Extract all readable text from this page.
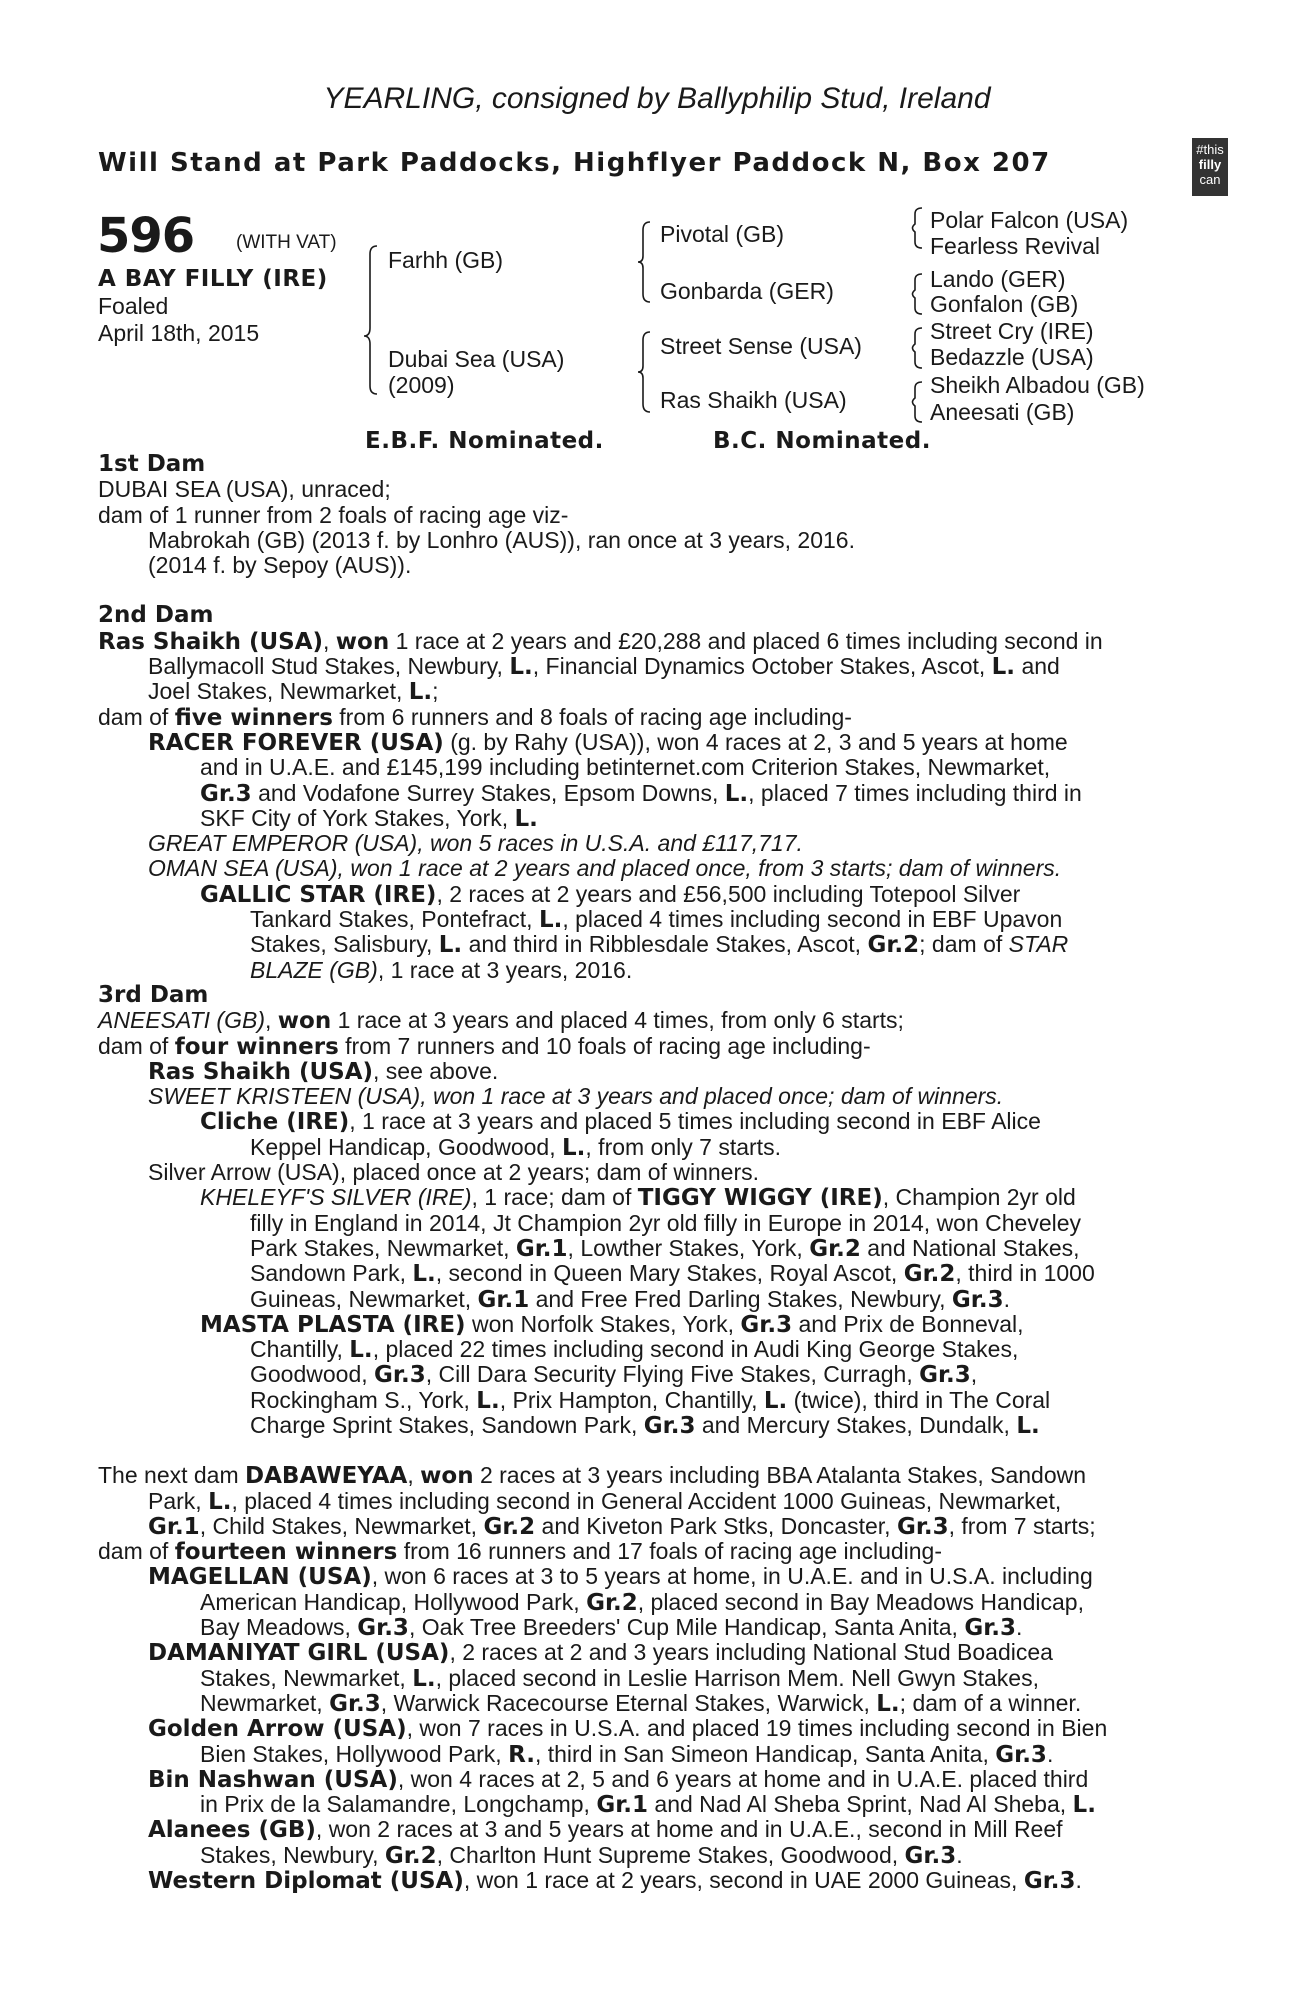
YEARLING, consigned by Ballyphilip Stud, Ireland
Will Stand at Park Paddocks, Highflyer Paddock N, Box 207	#this
filly
can
596 (WITH VAT)
A BAY FILLY (IRE)
Foaled
April 18th, 2015
Farhh (GB)
Dubai Sea (USA)
(2009)
Pivotal (GB)
Gonbarda (GER)
Street Sense (USA)
Ras Shaikh (USA)
Polar Falcon (USA)
Fearless Revival
Lando (GER)
Gonfalon (GB)
Street Cry (IRE)
Bedazzle (USA)
Sheikh Albadou (GB)
Aneesati (GB)
E.B.F. Nominated.	B.C. Nominated.
1st Dam
DUBAI SEA (USA), unraced;
dam of 1 runner from 2 foals of racing age viz-
Mabrokah (GB) (2013 f. by Lonhro (AUS)), ran once at 3 years, 2016.
(2014 f. by Sepoy (AUS)).
2nd Dam
Ras Shaikh (USA), won 1 race at 2 years and £20,288 and placed 6 times including second in
Ballymacoll Stud Stakes, Newbury, L., Financial Dynamics October Stakes, Ascot, L. and
Joel Stakes, Newmarket, L.;
dam of five winners from 6 runners and 8 foals of racing age including-
RACER FOREVER (USA) (g. by Rahy (USA)), won 4 races at 2, 3 and 5 years at home
and in U.A.E. and £145,199 including betinternet.com Criterion Stakes, Newmarket,
Gr.3 and Vodafone Surrey Stakes, Epsom Downs, L., placed 7 times including third in
SKF City of York Stakes, York, L.
GREAT EMPEROR (USA), won 5 races in U.S.A. and £117,717.
OMAN SEA (USA), won 1 race at 2 years and placed once, from 3 starts; dam of winners.
GALLIC STAR (IRE), 2 races at 2 years and £56,500 including Totepool Silver
Tankard Stakes, Pontefract, L., placed 4 times including second in EBF Upavon
Stakes, Salisbury, L. and third in Ribblesdale Stakes, Ascot, Gr.2; dam of STAR
BLAZE (GB), 1 race at 3 years, 2016.
3rd Dam
ANEESATI (GB), won 1 race at 3 years and placed 4 times, from only 6 starts;
dam of four winners from 7 runners and 10 foals of racing age including-
Ras Shaikh (USA), see above.
SWEET KRISTEEN (USA), won 1 race at 3 years and placed once; dam of winners.
Cliche (IRE), 1 race at 3 years and placed 5 times including second in EBF Alice
Keppel Handicap, Goodwood, L., from only 7 starts.
Silver Arrow (USA), placed once at 2 years; dam of winners.
KHELEYF'S SILVER (IRE), 1 race; dam of TIGGY WIGGY (IRE), Champion 2yr old
filly in England in 2014, Jt Champion 2yr old filly in Europe in 2014, won Cheveley
Park Stakes, Newmarket, Gr.1, Lowther Stakes, York, Gr.2 and National Stakes,
Sandown Park, L., second in Queen Mary Stakes, Royal Ascot, Gr.2, third in 1000
Guineas, Newmarket, Gr.1 and Free Fred Darling Stakes, Newbury, Gr.3.
MASTA PLASTA (IRE) won Norfolk Stakes, York, Gr.3 and Prix de Bonneval,
Chantilly, L., placed 22 times including second in Audi King George Stakes,
Goodwood, Gr.3, Cill Dara Security Flying Five Stakes, Curragh, Gr.3,
Rockingham S., York, L., Prix Hampton, Chantilly, L. (twice), third in The Coral
Charge Sprint Stakes, Sandown Park, Gr.3 and Mercury Stakes, Dundalk, L.
The next dam DABAWEYAA, won 2 races at 3 years including BBA Atalanta Stakes, Sandown
Park, L., placed 4 times including second in General Accident 1000 Guineas, Newmarket,
Gr.1, Child Stakes, Newmarket, Gr.2 and Kiveton Park Stks, Doncaster, Gr.3, from 7 starts;
dam of fourteen winners from 16 runners and 17 foals of racing age including-
MAGELLAN (USA), won 6 races at 3 to 5 years at home, in U.A.E. and in U.S.A. including
American Handicap, Hollywood Park, Gr.2, placed second in Bay Meadows Handicap,
Bay Meadows, Gr.3, Oak Tree Breeders' Cup Mile Handicap, Santa Anita, Gr.3.
DAMANIYAT GIRL (USA), 2 races at 2 and 3 years including National Stud Boadicea
Stakes, Newmarket, L., placed second in Leslie Harrison Mem. Nell Gwyn Stakes,
Newmarket, Gr.3, Warwick Racecourse Eternal Stakes, Warwick, L.; dam of a winner.
Golden Arrow (USA), won 7 races in U.S.A. and placed 19 times including second in Bien
Bien Stakes, Hollywood Park, R., third in San Simeon Handicap, Santa Anita, Gr.3.
Bin Nashwan (USA), won 4 races at 2, 5 and 6 years at home and in U.A.E. placed third
in Prix de la Salamandre, Longchamp, Gr.1 and Nad Al Sheba Sprint, Nad Al Sheba, L.
Alanees (GB), won 2 races at 3 and 5 years at home and in U.A.E., second in Mill Reef
Stakes, Newbury, Gr.2, Charlton Hunt Supreme Stakes, Goodwood, Gr.3.
Western Diplomat (USA), won 1 race at 2 years, second in UAE 2000 Guineas, Gr.3.
